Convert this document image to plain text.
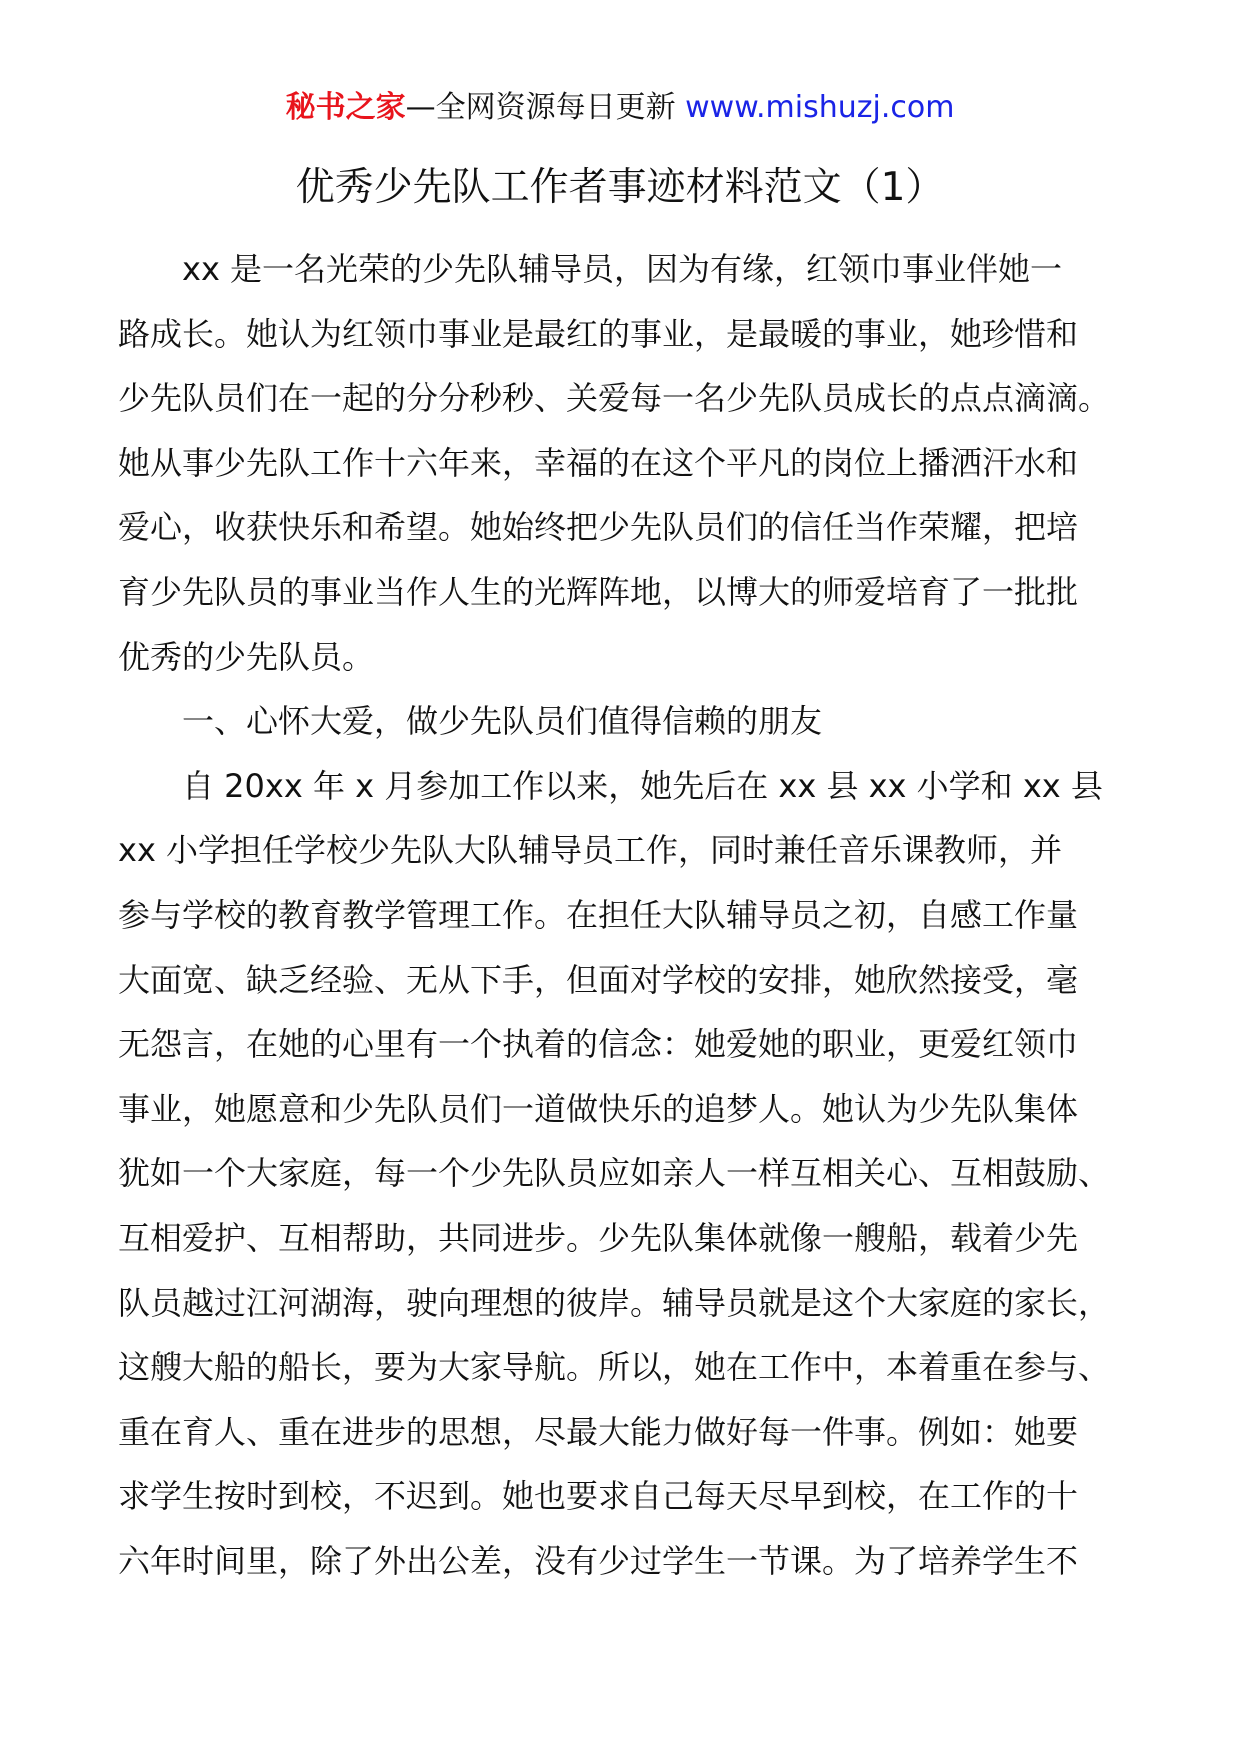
秘书之家—全网资源每日更新 www.mishuzj.com
优秀少先队工作者事迹材料范文（1）
xx 是一名光荣的少先队辅导员，因为有缘，红领巾事业伴她一
路成长。她认为红领巾事业是最红的事业，是最暖的事业，她珍惜和
少先队员们在一起的分分秒秒、关爱每一名少先队员成长的点点滴滴。
她从事少先队工作十六年来，幸福的在这个平凡的岗位上播洒汗水和
爱心，收获快乐和希望。她始终把少先队员们的信任当作荣耀，把培
育少先队员的事业当作人生的光辉阵地，以博大的师爱培育了一批批
优秀的少先队员。
一、心怀大爱，做少先队员们值得信赖的朋友
自 20xx 年 x 月参加工作以来，她先后在 xx 县 xx 小学和 xx 县
xx 小学担任学校少先队大队辅导员工作，同时兼任音乐课教师，并
参与学校的教育教学管理工作。在担任大队辅导员之初，自感工作量
大面宽、缺乏经验、无从下手，但面对学校的安排，她欣然接受，毫
无怨言，在她的心里有一个执着的信念：她爱她的职业，更爱红领巾
事业，她愿意和少先队员们一道做快乐的追梦人。她认为少先队集体
犹如一个大家庭，每一个少先队员应如亲人一样互相关心、互相鼓励、
互相爱护、互相帮助，共同进步。少先队集体就像一艘船，载着少先
队员越过江河湖海，驶向理想的彼岸。辅导员就是这个大家庭的家长，
这艘大船的船长，要为大家导航。所以，她在工作中，本着重在参与、
重在育人、重在进步的思想，尽最大能力做好每一件事。例如：她要
求学生按时到校，不迟到。她也要求自己每天尽早到校，在工作的十
六年时间里，除了外出公差，没有少过学生一节课。为了培养学生不
